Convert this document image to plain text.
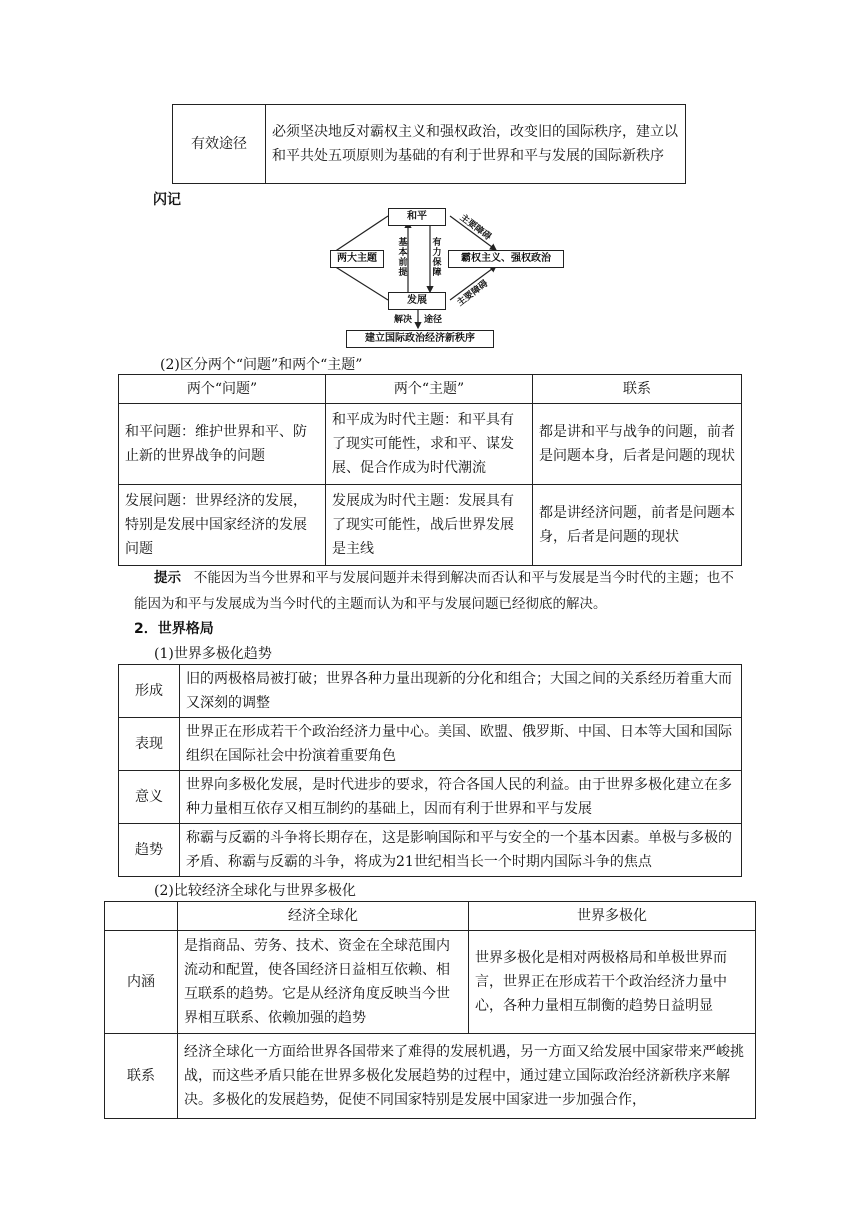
有效途径	必须坚决地反对霸权主义和强权政治，改变旧的国际秩序，建立以和平共处五项原则为基础的有利于世界和平与发展的国际新秩序
闪记
和平
两大主题	霸权主义、强权政治
发展
建立国际政治经济新秩序
基本前提
有力保障
主要障碍
主要障碍
解决 途径
(2)区分两个“问题”和两个“主题”
两个“问题”	两个“主题”	联系
和平问题：维护世界和平、防止新的世界战争的问题	和平成为时代主题：和平具有了现实可能性，求和平、谋发展、促合作成为时代潮流	都是讲和平与战争的问题，前者是问题本身，后者是问题的现状
发展问题：世界经济的发展，特别是发展中国家经济的发展问题	发展成为时代主题：发展具有了现实可能性，战后世界发展是主线	都是讲经济问题，前者是问题本身，后者是问题的现状
提示 不能因为当今世界和平与发展问题并未得到解决而否认和平与发展是当今时代的主题；也不能因为和平与发展成为当今时代的主题而认为和平与发展问题已经彻底的解决。
2．世界格局
(1)世界多极化趋势
形成	旧的两极格局被打破；世界各种力量出现新的分化和组合；大国之间的关系经历着重大而又深刻的调整
表现	世界正在形成若干个政治经济力量中心。美国、欧盟、俄罗斯、中国、日本等大国和国际组织在国际社会中扮演着重要角色
意义	世界向多极化发展，是时代进步的要求，符合各国人民的利益。由于世界多极化建立在多种力量相互依存又相互制约的基础上，因而有利于世界和平与发展
趋势	称霸与反霸的斗争将长期存在，这是影响国际和平与安全的一个基本因素。单极与多极的矛盾、称霸与反霸的斗争，将成为21世纪相当长一个时期内国际斗争的焦点
(2)比较经济全球化与世界多极化
	经济全球化	世界多极化
内涵	是指商品、劳务、技术、资金在全球范围内流动和配置，使各国经济日益相互依赖、相互联系的趋势。它是从经济角度反映当今世界相互联系、依赖加强的趋势	世界多极化是相对两极格局和单极世界而言，世界正在形成若干个政治经济力量中心，各种力量相互制衡的趋势日益明显
联系	经济全球化一方面给世界各国带来了难得的发展机遇，另一方面又给发展中国家带来严峻挑战，而这些矛盾只能在世界多极化发展趋势的过程中，通过建立国际政治经济新秩序来解决。多极化的发展趋势，促使不同国家特别是发展中国家进一步加强合作，	
